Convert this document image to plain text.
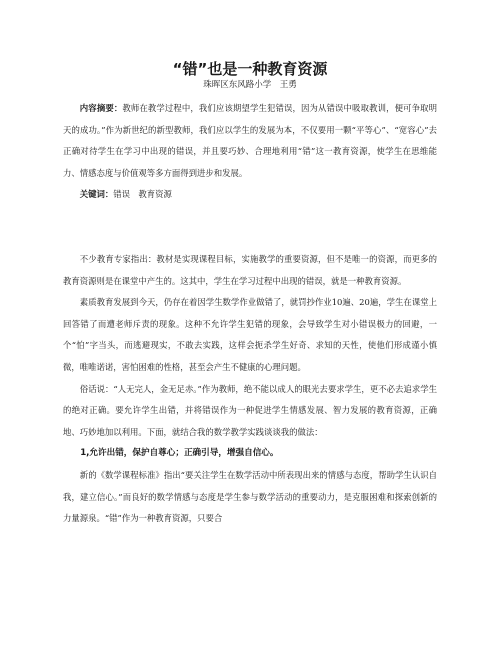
“错”也是一种教育资源
珠晖区东风路小学　王勇
内容摘要：教师在教学过程中，我们应该期望学生犯错误，因为从错误中吸取教训，便可争取明天的成功。”作为新世纪的新型教师，我们应以学生的发展为本，不仅要用一颗“平等心”、“宽容心”去正确对待学生在学习中出现的错误，并且要巧妙、合理地利用“错”这一教育资源，使学生在思维能力、情感态度与价值观等多方面得到进步和发展。
关键词：错误　教育资源

不少教育专家指出：教材是实现课程目标，实施教学的重要资源，但不是唯一的资源，而更多的教育资源则是在课堂中产生的。这其中，学生在学习过程中出现的错误，就是一种教育资源。

素质教育发展到今天，仍存在着因学生数学作业做错了，就罚抄作业10遍、20遍，学生在课堂上回答错了而遭老师斥责的现象。这种不允许学生犯错的现象，会导致学生对小错误极力的回避，一个“怕”字当头，而逃避现实，不敢去实践，这样会扼杀学生好奇、求知的天性，使他们形成谨小慎微，唯唯诺诺，害怕困难的性格，甚至会产生不健康的心理问题。

俗话说：“人无完人，金无足赤。”作为教师，绝不能以成人的眼光去要求学生，更不必去追求学生的绝对正确。要允许学生出错，并将错误作为一种促进学生情感发展、智力发展的教育资源，正确地、巧妙地加以利用。下面，就结合我的数学教学实践谈谈我的做法：

1,允许出错，保护自尊心；正确引导，增强自信心。

新的《数学课程标准》指出“要关注学生在数学活动中所表现出来的情感与态度，帮助学生认识自我，建立信心。”而良好的数学情感与态度是学生参与数学活动的重要动力，是克服困难和探索创新的力量源泉。“错”作为一种教育资源，只要合
